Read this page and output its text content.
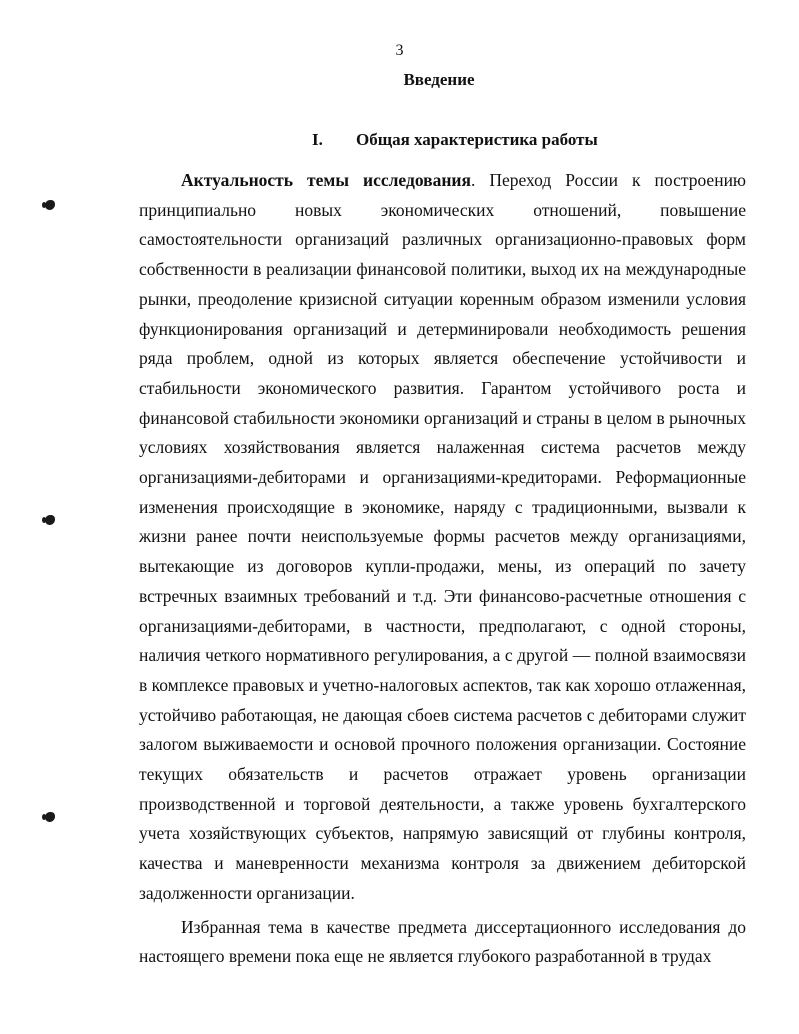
3
Введение
I. Общая характеристика работы

Актуальность темы исследования. Переход России к построению принципиально новых экономических отношений, повышение самостоятельности организаций различных организационно-правовых форм собственности в реализации финансовой политики, выход их на международные рынки, преодоление кризисной ситуации коренным образом изменили условия функционирования организаций и детерминировали необходимость решения ряда проблем, одной из которых является обеспечение устойчивости и стабильности экономического развития. Гарантом устойчивого роста и финансовой стабильности экономики организаций и страны в целом в рыночных условиях хозяйствования является налаженная система расчетов между организациями-дебиторами и организациями-кредиторами. Реформационные изменения происходящие в экономике, наряду с традиционными, вызвали к жизни ранее почти неиспользуемые формы расчетов между организациями, вытекающие из договоров купли-продажи, мены, из операций по зачету встречных взаимных требований и т.д. Эти финансово-расчетные отношения с организациями-дебиторами, в частности, предполагают, с одной стороны, наличия четкого нормативного регулирования, а с другой — полной взаимосвязи в комплексе правовых и учетно-налоговых аспектов, так как хорошо отлаженная, устойчиво работающая, не дающая сбоев система расчетов с дебиторами служит залогом выживаемости и основой прочного положения организации. Состояние текущих обязательств и расчетов отражает уровень организации производственной и торговой деятельности, а также уровень бухгалтерского учета хозяйствующих субъектов, напрямую зависящий от глубины контроля, качества и маневренности механизма контроля за движением дебиторской задолженности организации.

Избранная тема в качестве предмета диссертационного исследования до настоящего времени пока еще не является глубокого разработанной в трудах
